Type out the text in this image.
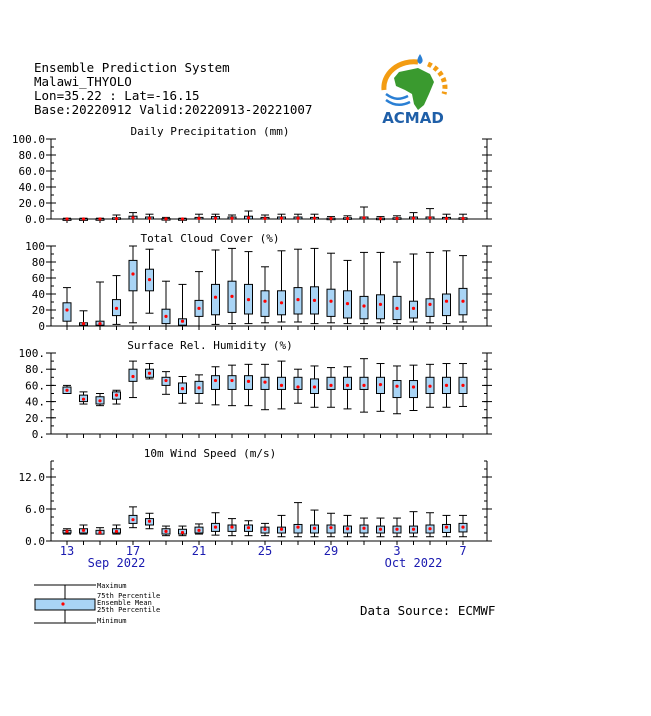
Ensemble Prediction System
Malawi_THYOLO
Lon=35.22 : Lat=-16.15
Base:20220912 Valid:20220913-20221007	ACMAD
0.0
20.0
40.0
60.0
80.0
100.0
Daily Precipitation (mm)
0
20
40
60
80
100
Total Cloud Cover (%)
0.
20.
40.
60.
80.
100.
Surface Rel. Humidity (%)
0.0
6.0
12.0
10m Wind Speed (m/s)
13	17	21	25	29	3	7
Sep 2022	Oct 2022
Maximum
75th Percentile
Ensemble Mean
25th Percentile
Minimum
Data Source: ECMWF
